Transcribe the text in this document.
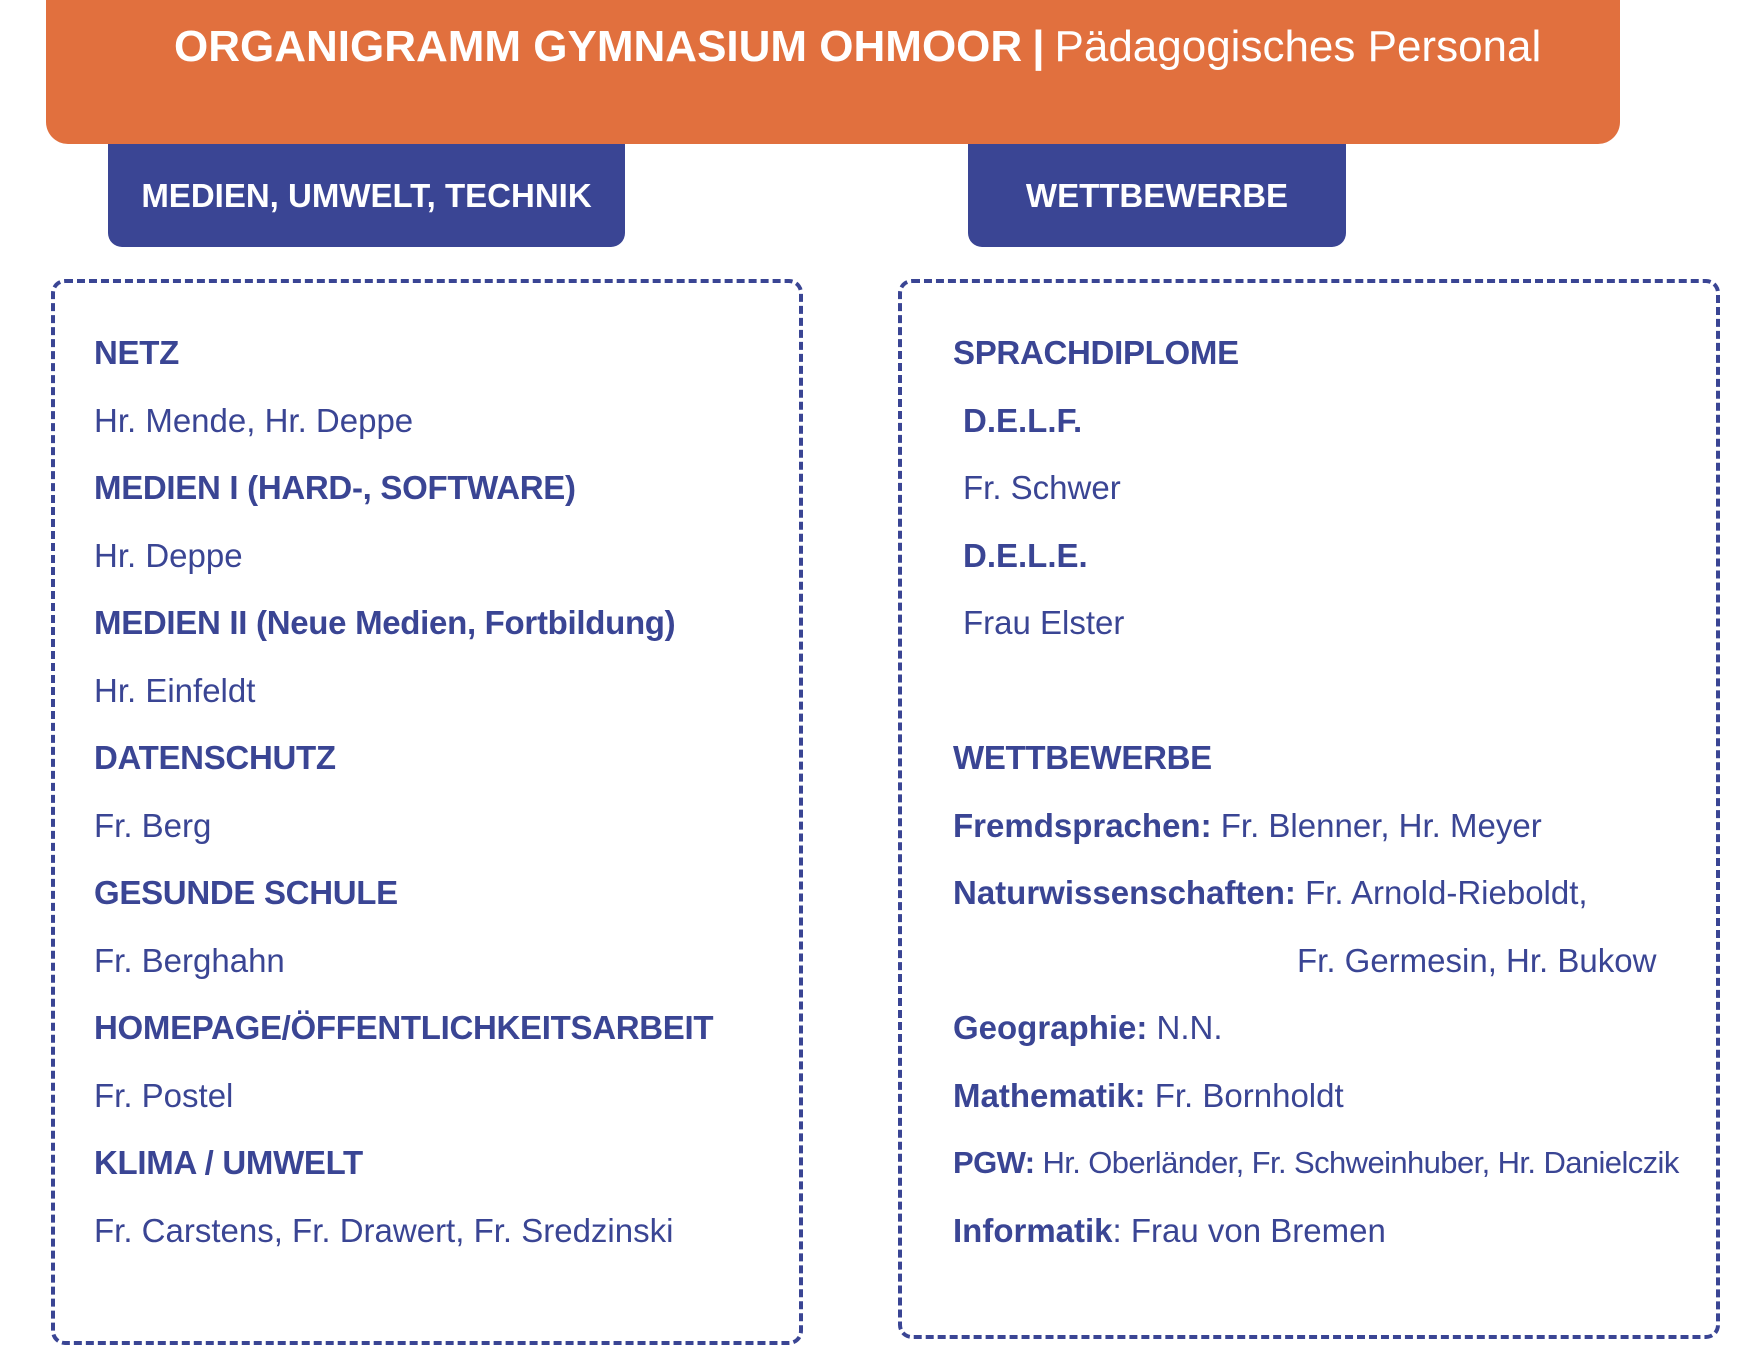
ORGANIGRAMM GYMNASIUM OHMOOR | Pädagogisches Personal
MEDIEN, UMWELT, TECHNIK	WETTBEWERBE
NETZ
Hr. Mende, Hr. Deppe
MEDIEN I (HARD-, SOFTWARE)
Hr. Deppe
MEDIEN II (Neue Medien, Fortbildung)
Hr. Einfeldt
DATENSCHUTZ
Fr. Berg
GESUNDE SCHULE
Fr. Berghahn
HOMEPAGE/ÖFFENTLICHKEITSARBEIT
Fr. Postel
KLIMA / UMWELT
Fr. Carstens, Fr. Drawert, Fr. Sredzinski
SPRACHDIPLOME
D.E.L.F.
Fr. Schwer
D.E.L.E.
Frau Elster
WETTBEWERBE
Fremdsprachen: Fr. Blenner, Hr. Meyer
Naturwissenschaften: Fr. Arnold-Rieboldt,
Fr. Germesin, Hr. Bukow
Geographie: N.N.
Mathematik: Fr. Bornholdt
PGW: Hr. Oberländer, Fr. Schweinhuber, Hr. Danielczik
Informatik: Frau von Bremen
